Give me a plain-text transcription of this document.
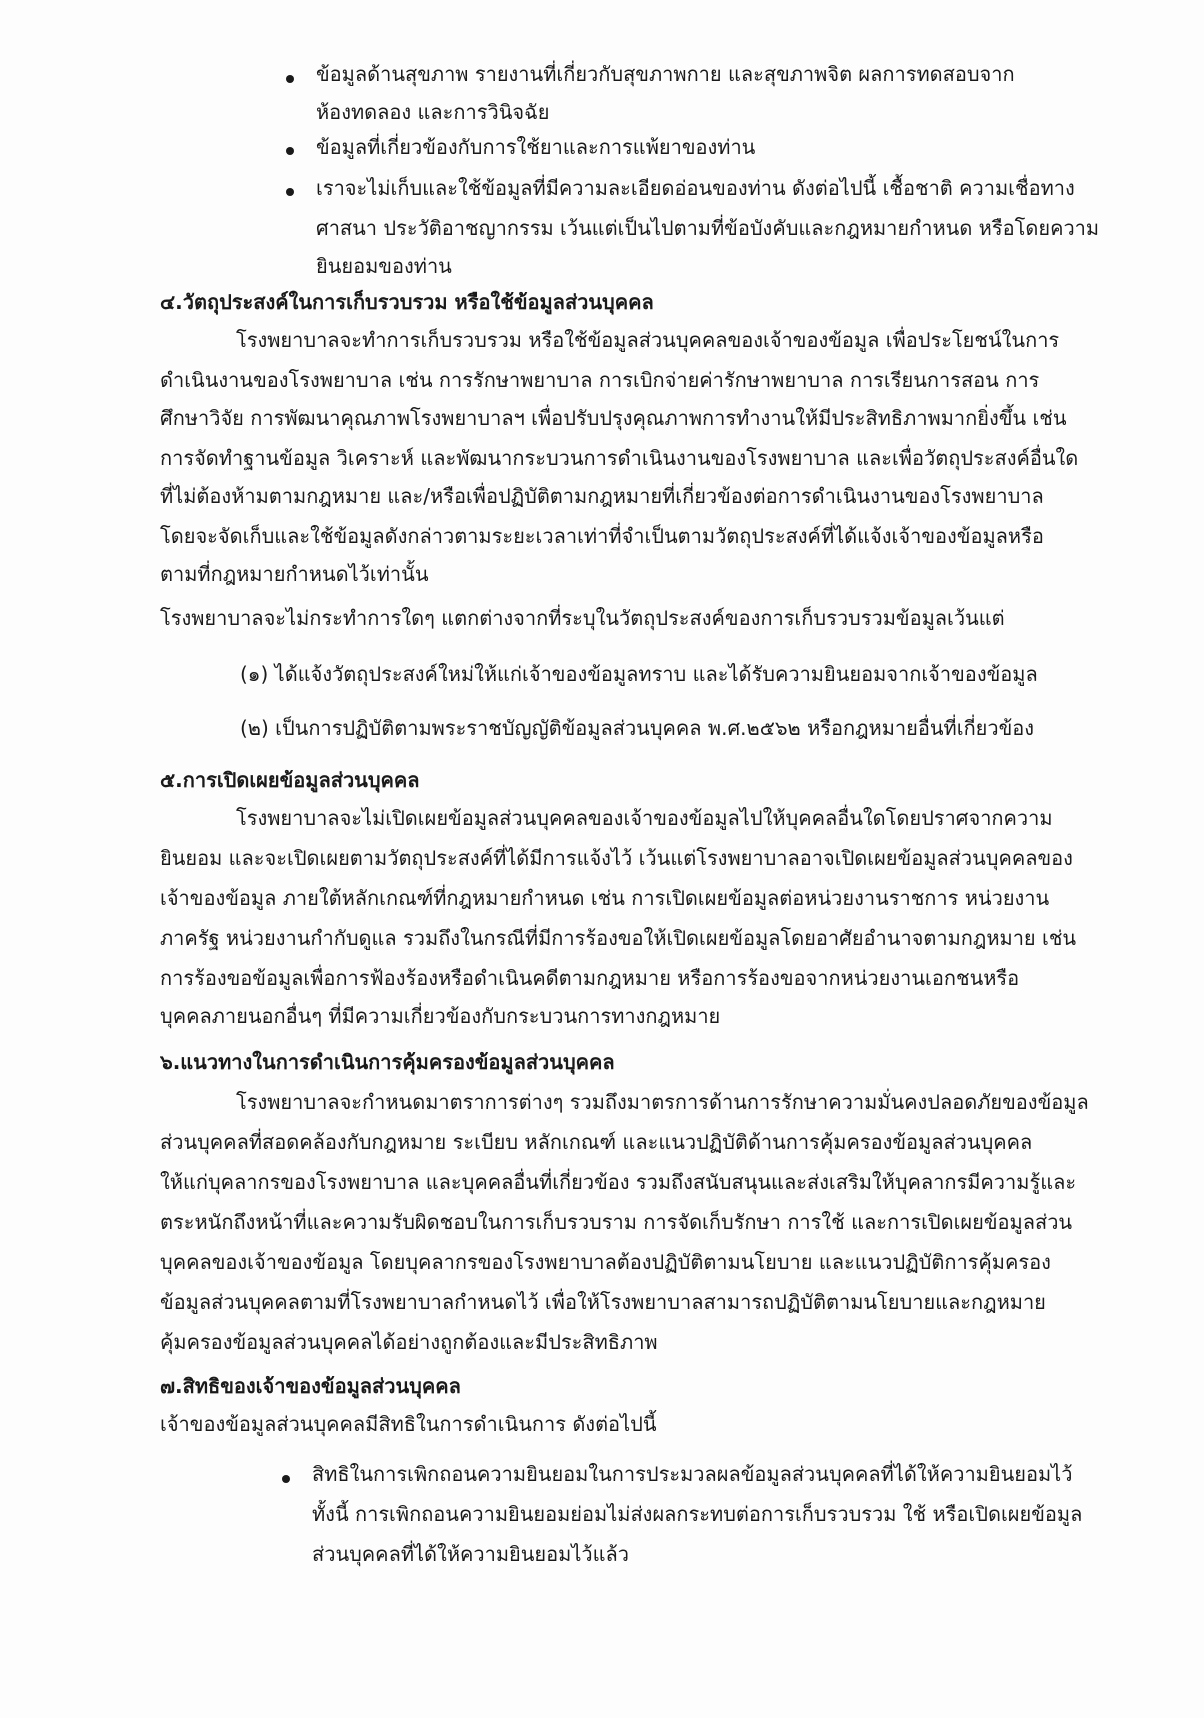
ข้อมูลด้านสุขภาพ รายงานที่เกี่ยวกับสุขภาพกาย และสุขภาพจิต ผลการทดสอบจาก
ห้องทดลอง และการวินิจฉัย
ข้อมูลที่เกี่ยวข้องกับการใช้ยาและการแพ้ยาของท่าน
เราจะไม่เก็บและใช้ข้อมูลที่มีความละเอียดอ่อนของท่าน ดังต่อไปนี้ เชื้อชาติ ความเชื่อทาง
ศาสนา ประวัติอาชญากรรม เว้นแต่เป็นไปตามที่ข้อบังคับและกฎหมายกำหนด หรือโดยความ
ยินยอมของท่าน
๔.วัตถุประสงค์ในการเก็บรวบรวม หรือใช้ข้อมูลส่วนบุคคล
โรงพยาบาลจะทำการเก็บรวบรวม หรือใช้ข้อมูลส่วนบุคคลของเจ้าของข้อมูล เพื่อประโยชน์ในการ
ดำเนินงานของโรงพยาบาล เช่น การรักษาพยาบาล การเบิกจ่ายค่ารักษาพยาบาล การเรียนการสอน การ
ศึกษาวิจัย การพัฒนาคุณภาพโรงพยาบาลฯ เพื่อปรับปรุงคุณภาพการทำงานให้มีประสิทธิภาพมากยิ่งขึ้น เช่น
การจัดทำฐานข้อมูล วิเคราะห์ และพัฒนากระบวนการดำเนินงานของโรงพยาบาล และเพื่อวัตถุประสงค์อื่นใด
ที่ไม่ต้องห้ามตามกฎหมาย และ/หรือเพื่อปฏิบัติตามกฎหมายที่เกี่ยวข้องต่อการดำเนินงานของโรงพยาบาล
โดยจะจัดเก็บและใช้ข้อมูลดังกล่าวตามระยะเวลาเท่าที่จำเป็นตามวัตถุประสงค์ที่ได้แจ้งเจ้าของข้อมูลหรือ
ตามที่กฎหมายกำหนดไว้เท่านั้น
โรงพยาบาลจะไม่กระทำการใดๆ แตกต่างจากที่ระบุในวัตถุประสงค์ของการเก็บรวบรวมข้อมูลเว้นแต่
(๑) ได้แจ้งวัตถุประสงค์ใหม่ให้แก่เจ้าของข้อมูลทราบ และได้รับความยินยอมจากเจ้าของข้อมูล
(๒) เป็นการปฏิบัติตามพระราชบัญญัติข้อมูลส่วนบุคคล พ.ศ.๒๕๖๒ หรือกฎหมายอื่นที่เกี่ยวข้อง
๕.การเปิดเผยข้อมูลส่วนบุคคล
โรงพยาบาลจะไม่เปิดเผยข้อมูลส่วนบุคคลของเจ้าของข้อมูลไปให้บุคคลอื่นใดโดยปราศจากความ
ยินยอม และจะเปิดเผยตามวัตถุประสงค์ที่ได้มีการแจ้งไว้ เว้นแต่โรงพยาบาลอาจเปิดเผยข้อมูลส่วนบุคคลของ
เจ้าของข้อมูล ภายใต้หลักเกณฑ์ที่กฎหมายกำหนด เช่น การเปิดเผยข้อมูลต่อหน่วยงานราชการ หน่วยงาน
ภาครัฐ หน่วยงานกำกับดูแล รวมถึงในกรณีที่มีการร้องขอให้เปิดเผยข้อมูลโดยอาศัยอำนาจตามกฎหมาย เช่น
การร้องขอข้อมูลเพื่อการฟ้องร้องหรือดำเนินคดีตามกฎหมาย หรือการร้องขอจากหน่วยงานเอกชนหรือ
บุคคลภายนอกอื่นๆ ที่มีความเกี่ยวข้องกับกระบวนการทางกฎหมาย
๖.แนวทางในการดำเนินการคุ้มครองข้อมูลส่วนบุคคล
โรงพยาบาลจะกำหนดมาตราการต่างๆ รวมถึงมาตรการด้านการรักษาความมั่นคงปลอดภัยของข้อมูล
ส่วนบุคคลที่สอดคล้องกับกฎหมาย ระเบียบ หลักเกณฑ์ และแนวปฏิบัติด้านการคุ้มครองข้อมูลส่วนบุคคล
ให้แก่บุคลากรของโรงพยาบาล และบุคคลอื่นที่เกี่ยวข้อง รวมถึงสนับสนุนและส่งเสริมให้บุคลากรมีความรู้และ
ตระหนักถึงหน้าที่และความรับผิดชอบในการเก็บรวบราม การจัดเก็บรักษา การใช้ และการเปิดเผยข้อมูลส่วน
บุคคลของเจ้าของข้อมูล โดยบุคลากรของโรงพยาบาลต้องปฏิบัติตามนโยบาย และแนวปฏิบัติการคุ้มครอง
ข้อมูลส่วนบุคคลตามที่โรงพยาบาลกำหนดไว้ เพื่อให้โรงพยาบาลสามารถปฏิบัติตามนโยบายและกฎหมาย
คุ้มครองข้อมูลส่วนบุคคลได้อย่างถูกต้องและมีประสิทธิภาพ
๗.สิทธิของเจ้าของข้อมูลส่วนบุคคล
เจ้าของข้อมูลส่วนบุคคลมีสิทธิในการดำเนินการ ดังต่อไปนี้
สิทธิในการเพิกถอนความยินยอมในการประมวลผลข้อมูลส่วนบุคคลที่ได้ให้ความยินยอมไว้
ทั้งนี้ การเพิกถอนความยินยอมย่อมไม่ส่งผลกระทบต่อการเก็บรวบรวม ใช้ หรือเปิดเผยข้อมูล
ส่วนบุคคลที่ได้ให้ความยินยอมไว้แล้ว
